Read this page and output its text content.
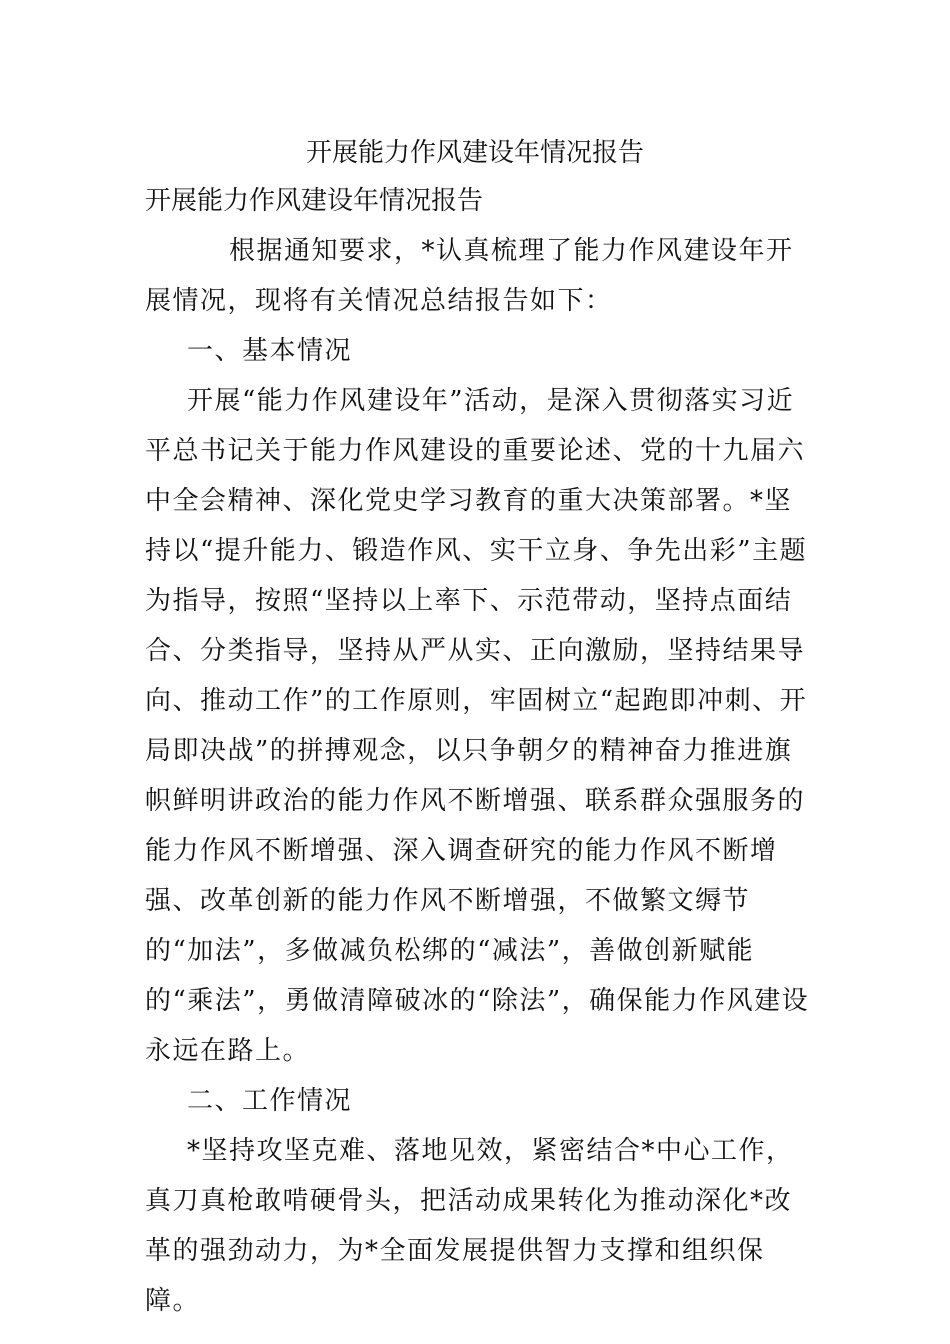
开展能力作风建设年情况报告

开展能力作风建设年情况报告

根据通知要求，*认真梳理了能力作风建设年开展情况，现将有关情况总结报告如下：

一、基本情况

开展“能力作风建设年”活动，是深入贯彻落实习近平总书记关于能力作风建设的重要论述、党的十九届六中全会精神、深化党史学习教育的重大决策部署。*坚持以“提升能力、锻造作风、实干立身、争先出彩”主题为指导，按照“坚持以上率下、示范带动，坚持点面结合、分类指导，坚持从严从实、正向激励，坚持结果导向、推动工作”的工作原则，牢固树立“起跑即冲刺、开局即决战”的拼搏观念，以只争朝夕的精神奋力推进旗帜鲜明讲政治的能力作风不断增强、联系群众强服务的能力作风不断增强、深入调查研究的能力作风不断增强、改革创新的能力作风不断增强，不做繁文缛节的“加法”，多做减负松绑的“减法”，善做创新赋能的“乘法”，勇做清障破冰的“除法”，确保能力作风建设永远在路上。

二、工作情况

*坚持攻坚克难、落地见效，紧密结合*中心工作，真刀真枪敢啃硬骨头，把活动成果转化为推动深化*改革的强劲动力，为*全面发展提供智力支撑和组织保障。
